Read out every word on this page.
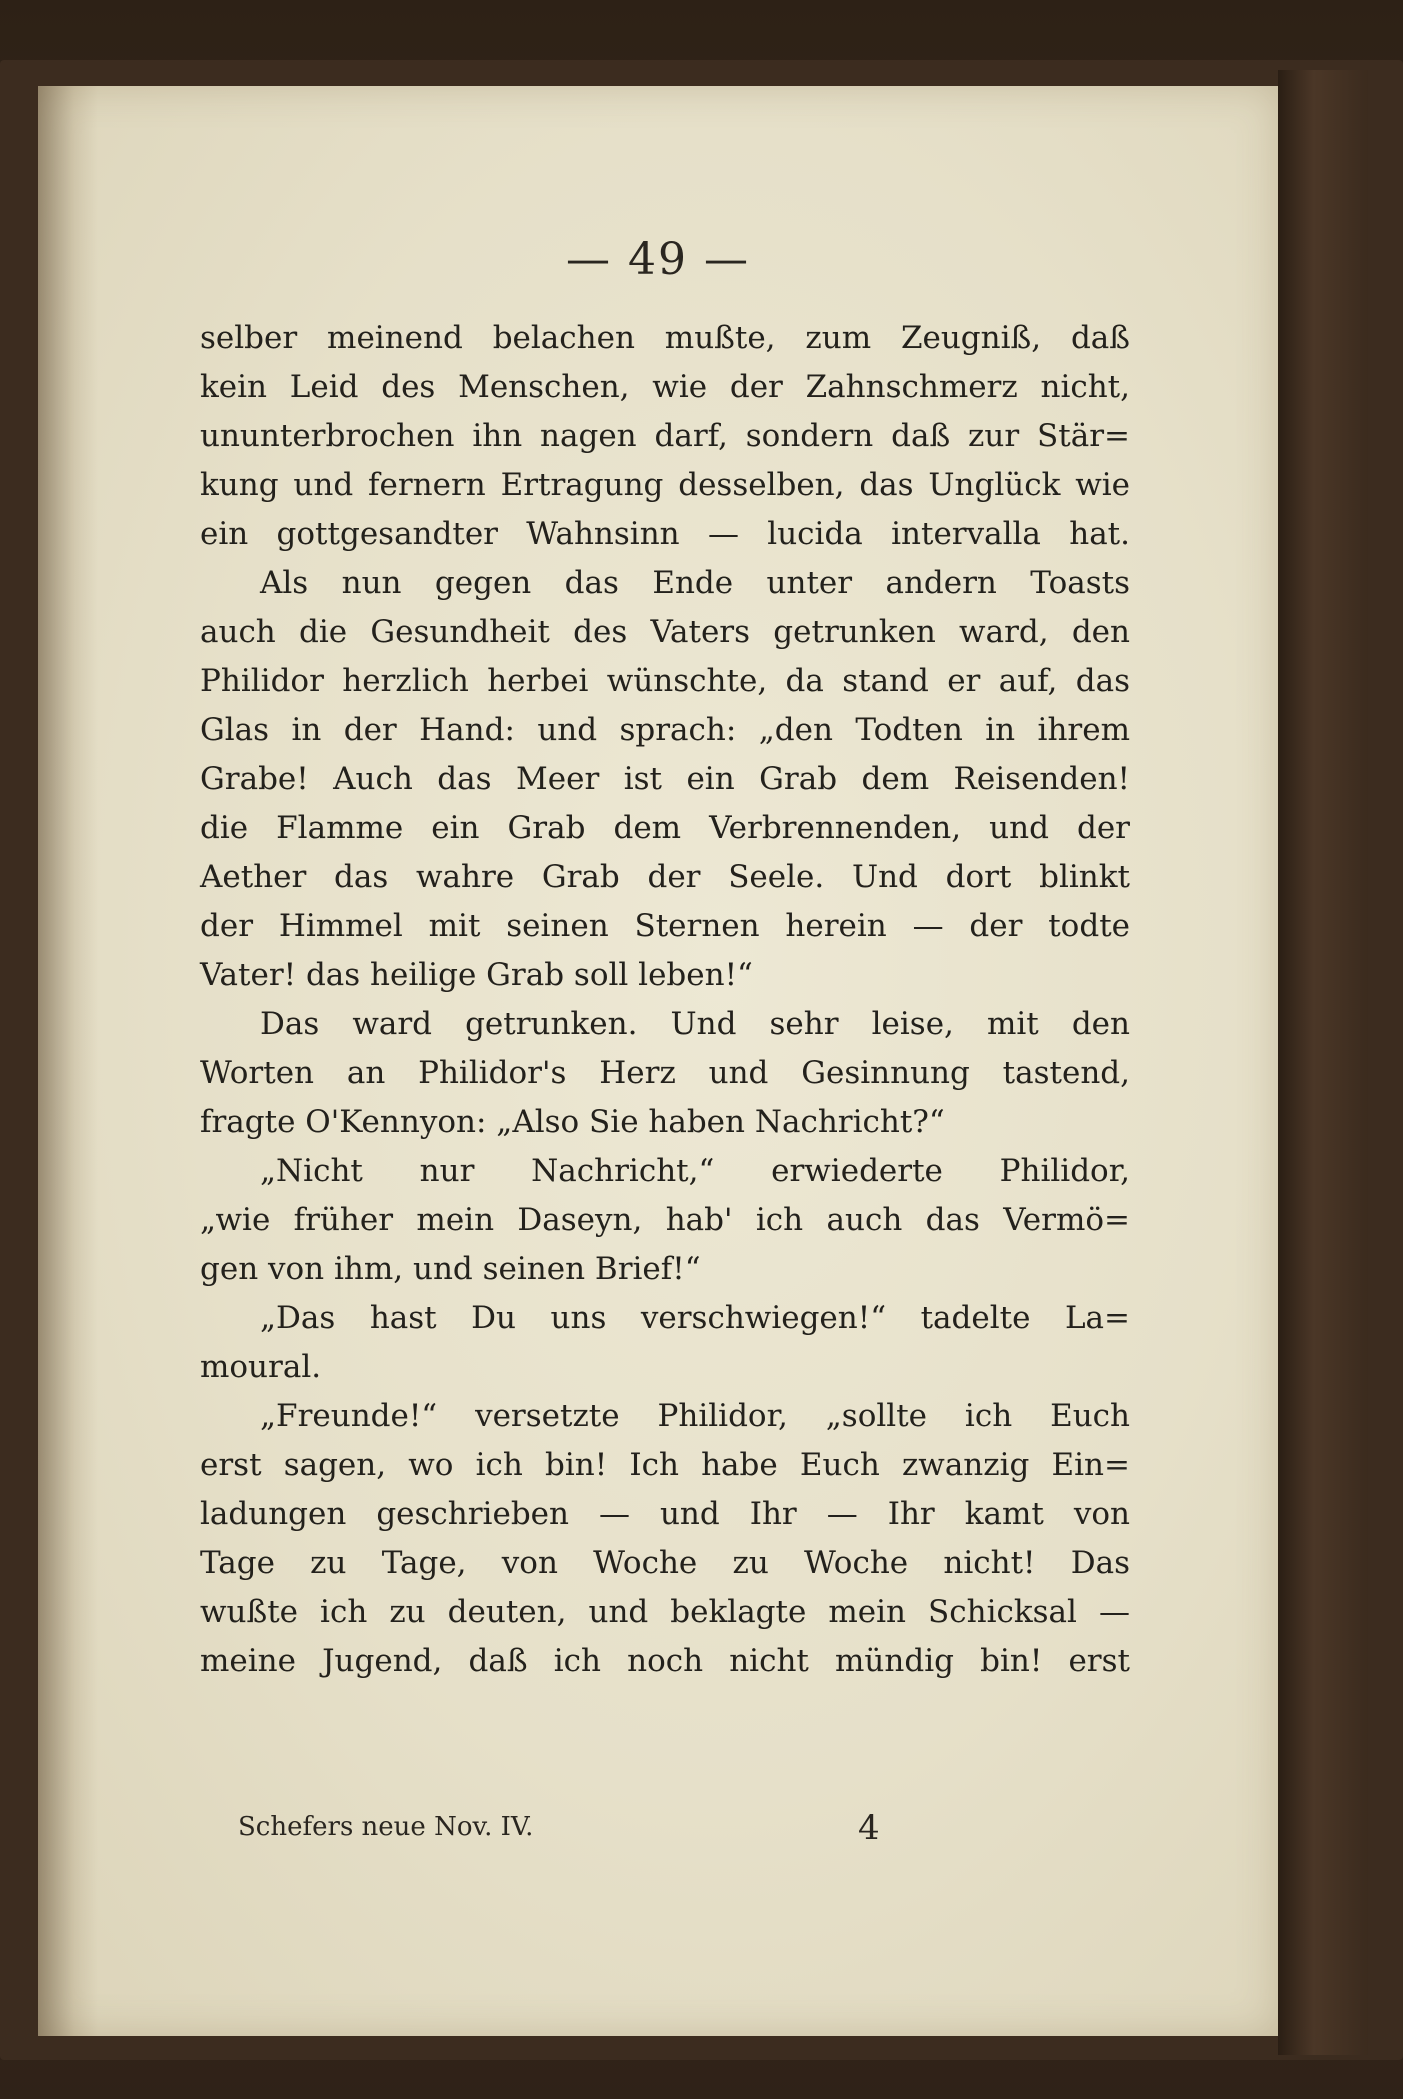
— 49 —
selber meinend belachen mußte, zum Zeugniß, daß
kein Leid des Menschen, wie der Zahnschmerz nicht,
ununterbrochen ihn nagen darf, sondern daß zur Stär=
kung und fernern Ertragung desselben, das Unglück wie
ein gottgesandter Wahnsinn — lucida intervalla hat.
Als nun gegen das Ende unter andern Toasts
auch die Gesundheit des Vaters getrunken ward, den
Philidor herzlich herbei wünschte, da stand er auf, das
Glas in der Hand: und sprach: „den Todten in ihrem
Grabe! Auch das Meer ist ein Grab dem Reisenden!
die Flamme ein Grab dem Verbrennenden, und der
Aether das wahre Grab der Seele. Und dort blinkt
der Himmel mit seinen Sternen herein — der todte
Vater! das heilige Grab soll leben!“
Das ward getrunken. Und sehr leise, mit den
Worten an Philidor's Herz und Gesinnung tastend,
fragte O'Kennyon: „Also Sie haben Nachricht?“
„Nicht nur Nachricht,“ erwiederte Philidor,
„wie früher mein Daseyn, hab' ich auch das Vermö=
gen von ihm, und seinen Brief!“
„Das hast Du uns verschwiegen!“ tadelte La=
moural.
„Freunde!“ versetzte Philidor, „sollte ich Euch
erst sagen, wo ich bin! Ich habe Euch zwanzig Ein=
ladungen geschrieben — und Ihr — Ihr kamt von
Tage zu Tage, von Woche zu Woche nicht! Das
wußte ich zu deuten, und beklagte mein Schicksal —
meine Jugend, daß ich noch nicht mündig bin! erst
Schefers neue Nov. IV.	4
